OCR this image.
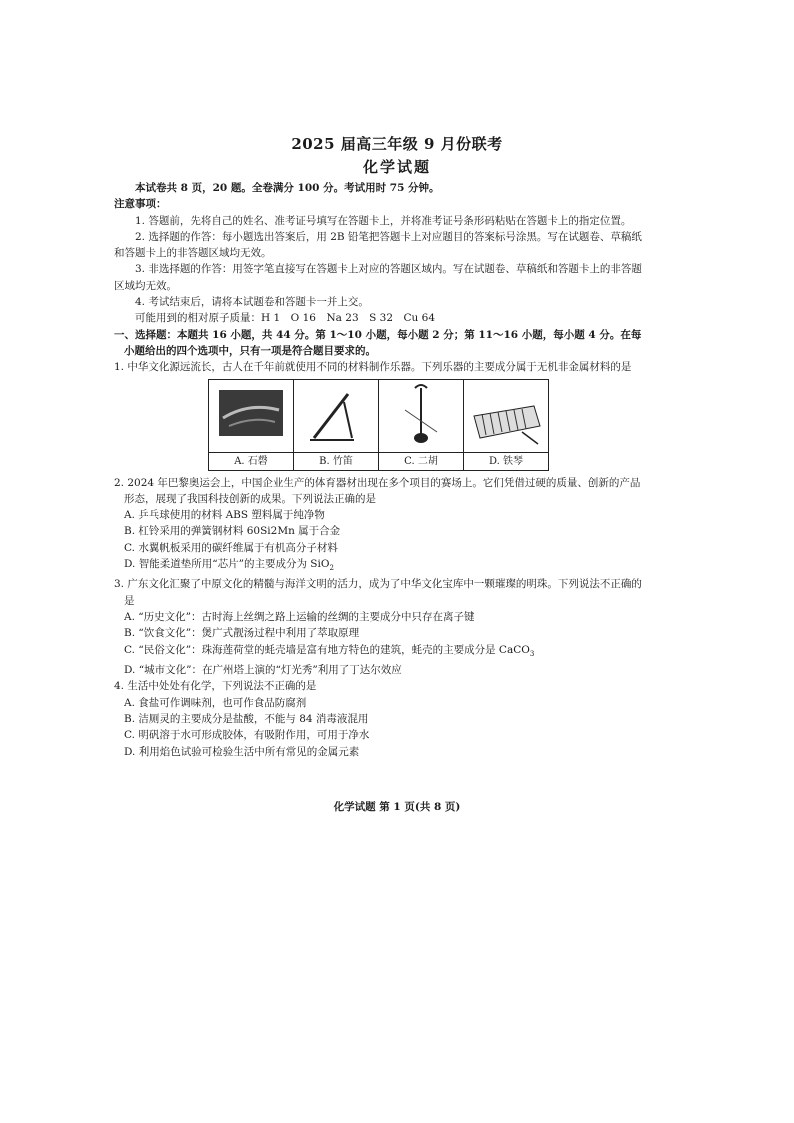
2025 届高三年级 9 月份联考
化学试题

本试卷共 8 页，20 题。全卷满分 100 分。考试用时 75 分钟。

注意事项：

1. 答题前，先将自己的姓名、准考证号填写在答题卡上，并将准考证号条形码粘贴在答题卡上的指定位置。

2. 选择题的作答：每小题选出答案后，用 2B 铅笔把答题卡上对应题目的答案标号涂黑。写在试题卷、草稿纸和答题卡上的非答题区域均无效。

3. 非选择题的作答：用签字笔直接写在答题卡上对应的答题区域内。写在试题卷、草稿纸和答题卡上的非答题区域均无效。

4. 考试结束后，请将本试题卷和答题卡一并上交。

可能用到的相对原子质量：H 1　O 16　Na 23　S 32　Cu 64

一、选择题：本题共 16 小题，共 44 分。第 1～10 小题，每小题 2 分；第 11～16 小题，每小题 4 分。在每小题给出的四个选项中，只有一项是符合题目要求的。

1. 中华文化源远流长，古人在千年前就使用不同的材料制作乐器。下列乐器的主要成分属于无机非金属材料的是

A. 石磬	B. 竹笛	C. 二胡	D. 铁琴

2. 2024 年巴黎奥运会上，中国企业生产的体育器材出现在多个项目的赛场上。它们凭借过硬的质量、创新的产品形态，展现了我国科技创新的成果。下列说法正确的是

A. 乒乓球使用的材料 ABS 塑料属于纯净物

B. 杠铃采用的弹簧钢材料 60Si2Mn 属于合金

C. 水翼帆板采用的碳纤维属于有机高分子材料

D. 智能柔道垫所用“芯片”的主要成分为 SiO$_2$

3. 广东文化汇聚了中原文化的精髓与海洋文明的活力，成为了中华文化宝库中一颗璀璨的明珠。下列说法不正确的是

A. “历史文化”：古时海上丝绸之路上运输的丝绸的主要成分中只存在离子键

B. “饮食文化”：煲广式靓汤过程中利用了萃取原理

C. “民俗文化”：珠海莲荷堂的蚝壳墙是富有地方特色的建筑，蚝壳的主要成分是 CaCO$_3$

D. “城市文化”：在广州塔上演的“灯光秀”利用了丁达尔效应

4. 生活中处处有化学，下列说法不正确的是

A. 食盐可作调味剂，也可作食品防腐剂

B. 洁厕灵的主要成分是盐酸，不能与 84 消毒液混用

C. 明矾溶于水可形成胶体，有吸附作用，可用于净水

D. 利用焰色试验可检验生活中所有常见的金属元素

化学试题 第 1 页(共 8 页)
